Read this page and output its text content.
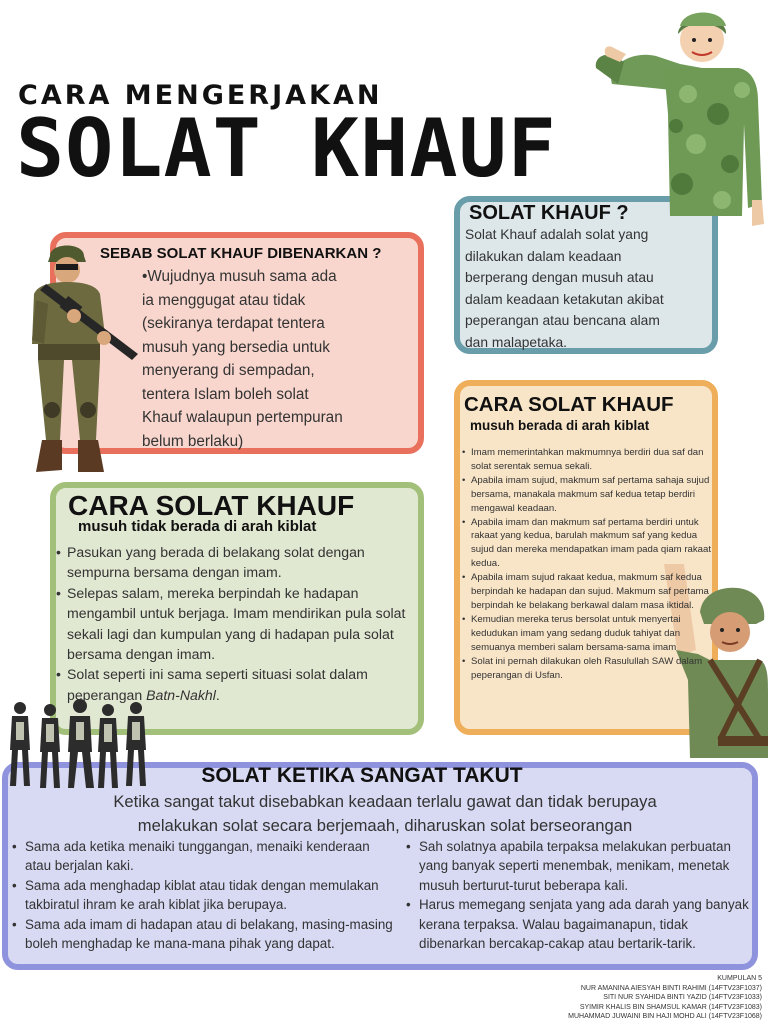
CARA MENGERJAKAN
SOLAT KHAUF
SEBAB SOLAT KHAUF DIBENARKAN ?
•Wujudnya musuh sama ada
ia menggugat atau tidak
(sekiranya terdapat tentera
musuh yang bersedia untuk
menyerang di sempadan,
tentera Islam boleh solat
Khauf walaupun pertempuran
belum berlaku)
SOLAT KHAUF ?
Solat Khauf adalah solat yang
dilakukan dalam keadaan
berperang dengan musuh atau
dalam keadaan ketakutan akibat
peperangan atau bencana alam
dan malapetaka.
CARA SOLAT KHAUF
musuh berada di arah kiblat
• Imam memerintahkan makmumnya berdiri dua saf dan solat serentak semua sekali.
• Apabila imam sujud, makmum saf pertama sahaja sujud bersama, manakala makmum saf kedua tetap berdiri mengawal keadaan.
• Apabila imam dan makmum saf pertama berdiri untuk rakaat yang kedua, barulah makmum saf yang kedua sujud dan mereka mendapatkan imam pada qiam rakaat kedua.
• Apabila imam sujud rakaat kedua, makmum saf kedua berpindah ke hadapan dan sujud. Makmum saf pertama berpindah ke belakang berkawal dalam masa iktidal.
• Kemudian mereka terus bersolat untuk menyertai kedudukan imam yang sedang duduk tahiyat dan semuanya memberi salam bersama-sama imam
• Solat ini pernah dilakukan oleh Rasulullah SAW dalam peperangan di Usfan.
CARA SOLAT KHAUF
musuh tidak berada di arah kiblat
• Pasukan yang berada di belakang solat dengan sempurna bersama dengan imam.
• Selepas salam, mereka berpindah ke hadapan mengambil untuk berjaga. Imam mendirikan pula solat sekali lagi dan kumpulan yang di hadapan pula solat bersama dengan imam.
• Solat seperti ini sama seperti situasi solat dalam peperangan Batn-Nakhl.
SOLAT KETIKA SANGAT TAKUT
Ketika sangat takut disebabkan keadaan terlalu gawat dan tidak berupaya
melakukan solat secara berjemaah, diharuskan solat berseorangan
• Sama ada ketika menaiki tunggangan, menaiki kenderaan atau berjalan kaki.
• Sama ada menghadap kiblat atau tidak dengan memulakan takbiratul ihram ke arah kiblat jika berupaya.
• Sama ada imam di hadapan atau di belakang, masing-masing boleh menghadap ke mana-mana pihak yang dapat.
• Sah solatnya apabila terpaksa melakukan perbuatan yang banyak seperti menembak, menikam, menetak musuh berturut-turut beberapa kali.
• Harus memegang senjata yang ada darah yang banyak kerana terpaksa. Walau bagaimanapun, tidak dibenarkan bercakap-cakap atau bertarik-tarik.
KUMPULAN 5
NUR AMANINA AIESYAH BINTI RAHIMI (14FTV23F1037)
SITI NUR SYAHIDA BINTI YAZID (14FTV23F1033)
SYIMIR KHALIS BIN SHAMSUL KAMAR (14FTV23F1083)
MUHAMMAD JUWAINI BIN HAJI MOHD ALI (14FTV23F1068)
